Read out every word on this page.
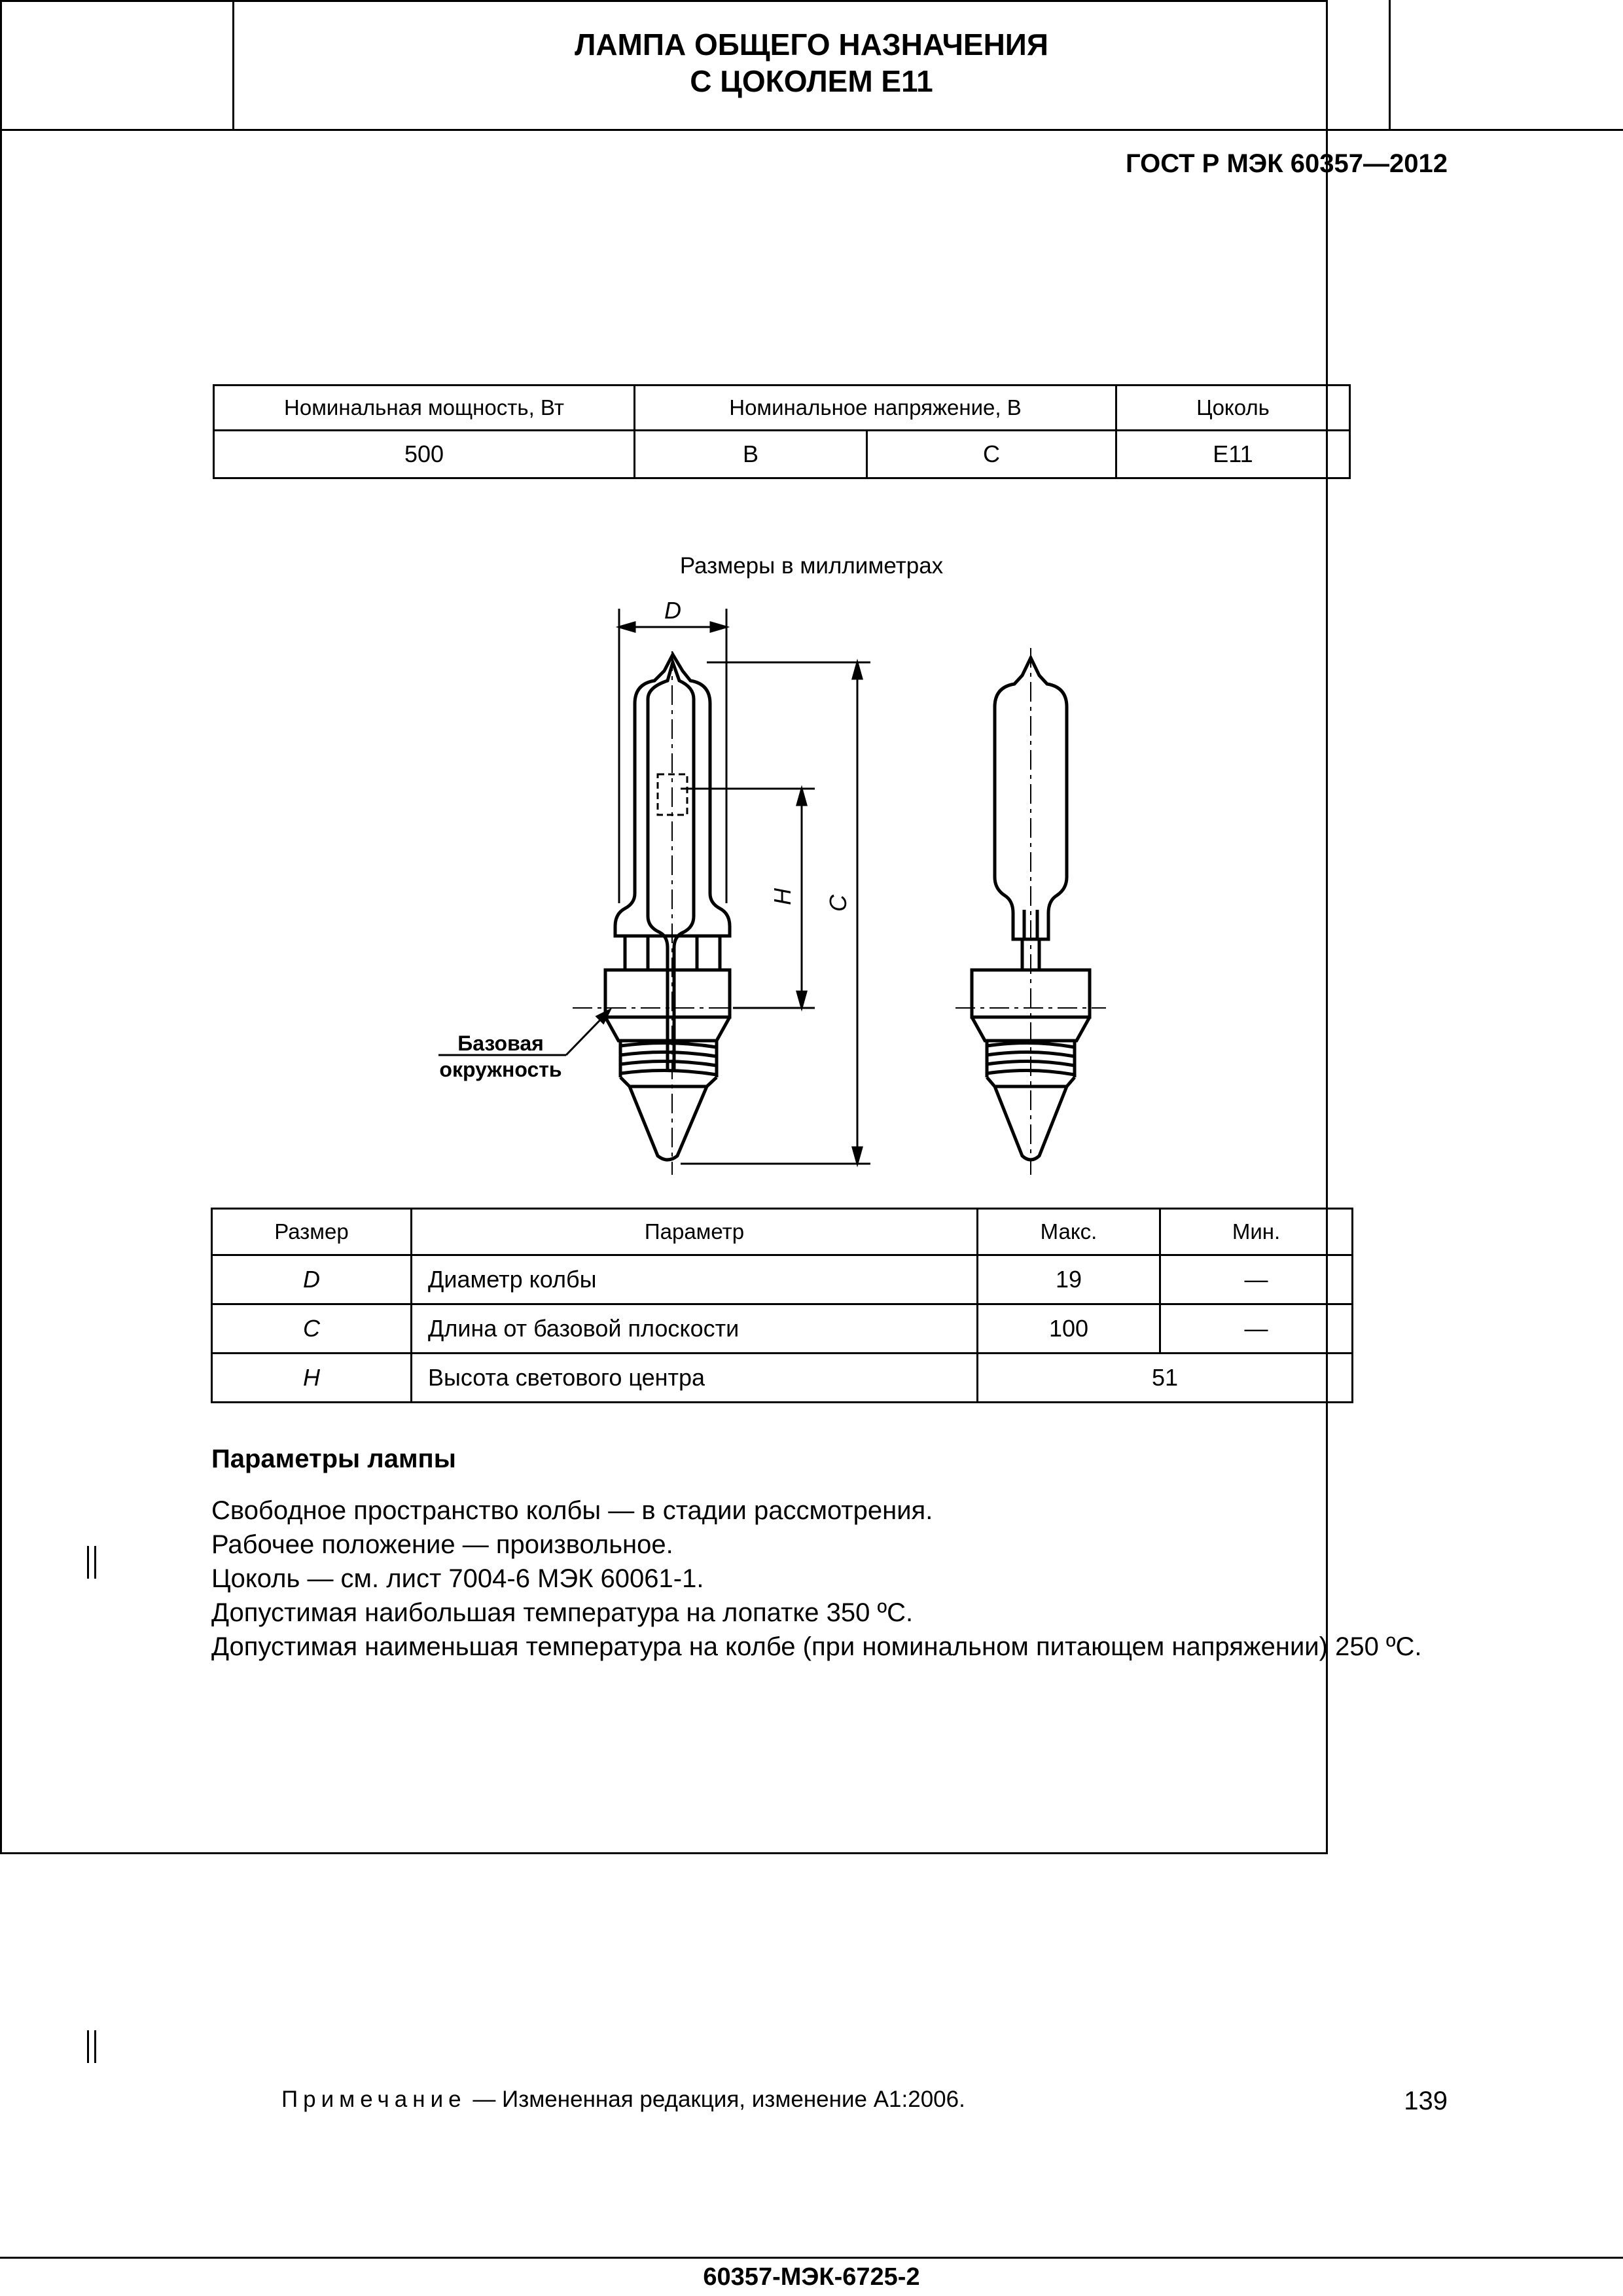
ГОСТ Р МЭК 60357—2012
ЛАМПА ОБЩЕГО НАЗНАЧЕНИЯ
С ЦОКОЛЕМ Е11
60357-МЭК-6725-2
Номинальная мощность, Вт	Номинальное напряжение, В		Цоколь
500	В	С	Е11
Размеры в миллиметрах
D
H C
Базовая
окружность
Размер	Параметр	Макс.	Мин.
D	Диаметр колбы	19	—
C	Длина от базовой плоскости	100	—
H	Высота светового центра	51	
Параметры лампы
Свободное пространство колбы — в стадии рассмотрения.
Рабочее положение — произвольное.
Цоколь — см. лист 7004-6 МЭК 60061-1.
Допустимая наибольшая температура на лопатке 350 ºС.
Допустимая наименьшая температура на колбе (при номинальном питающем напряжении) 250 ºС.
Примечание — Измененная редакция, изменение А1:2006.	139
